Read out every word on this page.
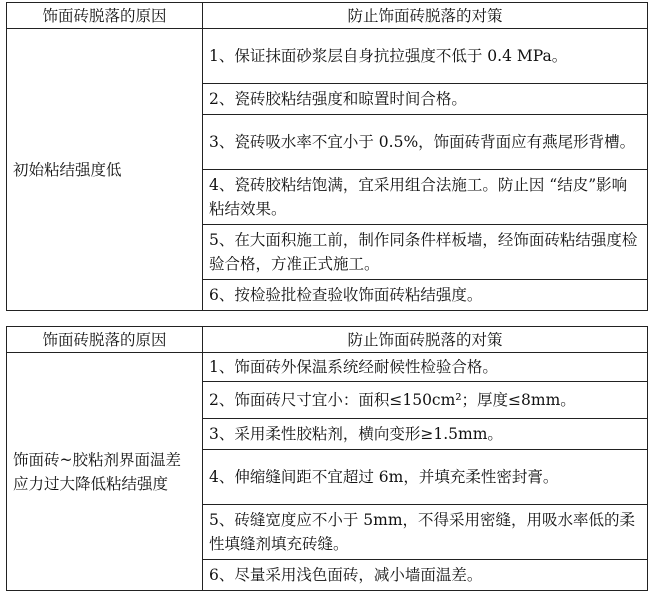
饰面砖脱落的原因	防止饰面砖脱落的对策
初始粘结强度低	1、保证抹面砂浆层自身抗拉强度不低于 0.4 MPa。
	2、瓷砖胶粘结强度和晾置时间合格。
	3、瓷砖吸水率不宜小于 0.5%，饰面砖背面应有燕尾形背槽。
	4、瓷砖胶粘结饱满，宜采用组合法施工。防止因 “结皮”影响粘结效果。
	5、在大面积施工前，制作同条件样板墙，经饰面砖粘结强度检验合格，方准正式施工。
	6、按检验批检查验收饰面砖粘结强度。
饰面砖脱落的原因	防止饰面砖脱落的对策
饰面砖~胶粘剂界面温差应力过大降低粘结强度	1、饰面砖外保温系统经耐候性检验合格。
	2、饰面砖尺寸宜小：面积≤150cm²；厚度≤8mm。
	3、采用柔性胶粘剂，横向变形≥1.5mm。
	4、伸缩缝间距不宜超过 6m，并填充柔性密封膏。
	5、砖缝宽度应不小于 5mm，不得采用密缝，用吸水率低的柔性填缝剂填充砖缝。
	6、尽量采用浅色面砖，减小墙面温差。
